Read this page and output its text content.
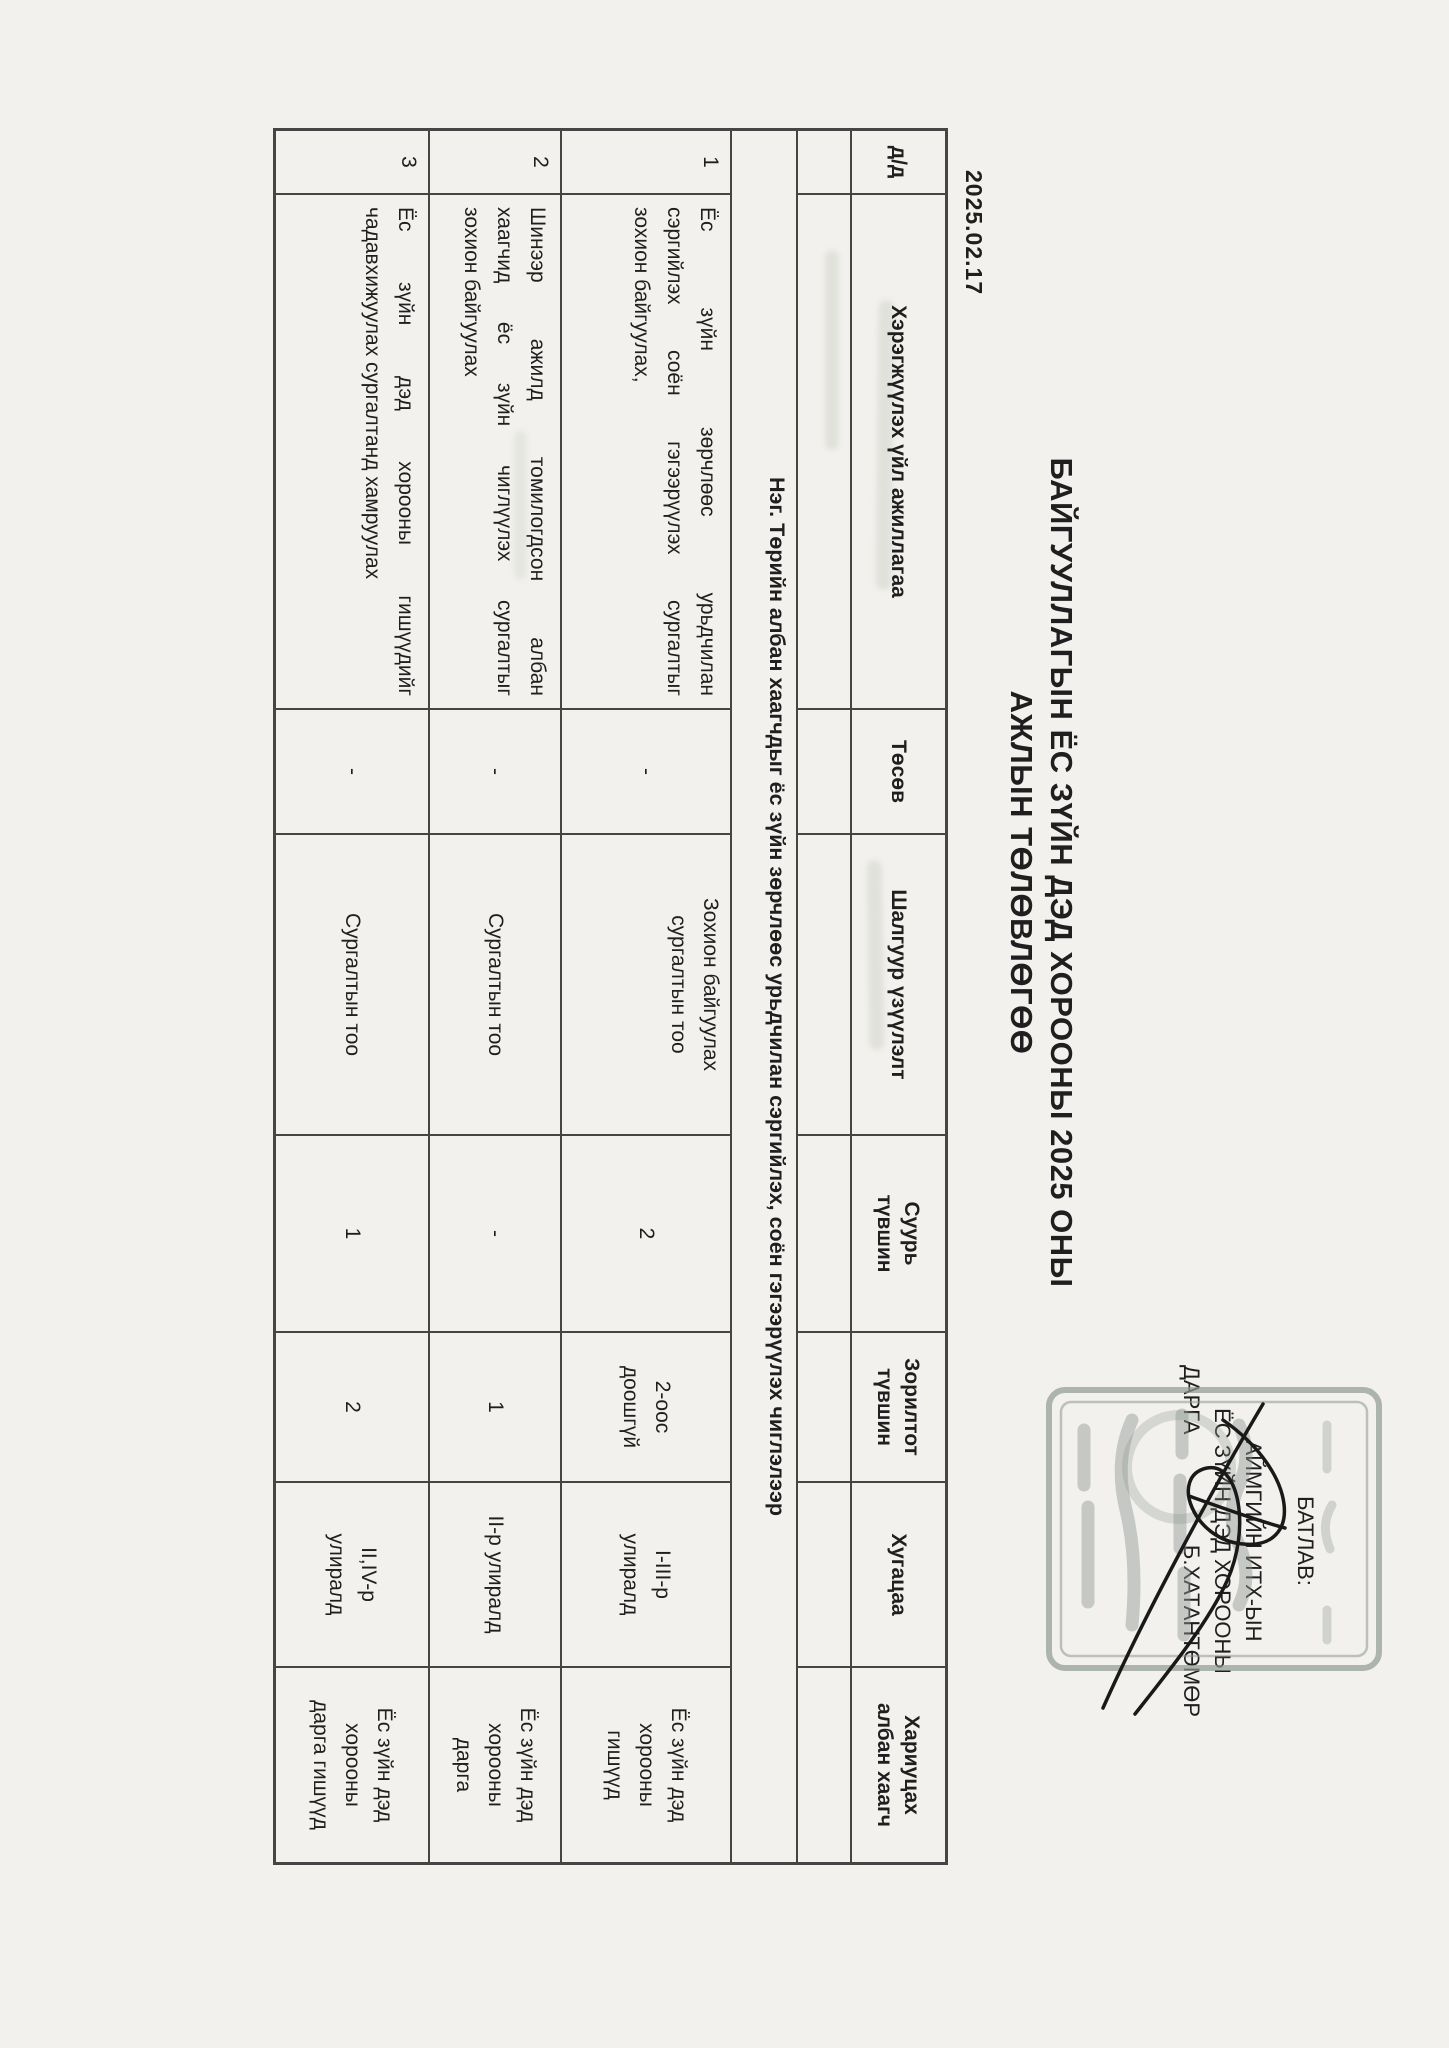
БАТЛАВ:
АЙМГИЙН ИТХ-ЫН
ЁС ЗҮЙН ДЭД ХОРООНЫ
ДАРГА
Б.ХАТАНТӨМӨР
БАЙГУУЛЛАГЫН ЁС ЗҮЙН ДЭД ХОРООНЫ 2025 ОНЫ
АЖЛЫН ТӨЛӨВЛӨГӨӨ
2025.02.17
д/д
Хэрэгжүүлэх үйл ажиллагаа
Төсөв
Шалгуур үзүүлэлт
Суурь
түвшин
Зорилтот
түвшин
Хугацаа
Хариуцах
албан хаагч
Нэг. Төрийн албан хаагчдыг ёс зүйн зөрчлөөс урьдчилан сэргийлэх, соён гэгээрүүлэх чиглэлээр
1
Ёс зүйн зөрчлөөс урьдчилан
сэргийлэх соён гэгээрүүлэх сургалтыг
зохион байгуулах,
-
Зохион байгуулах
сургалтын тоо
2
2-оос
доошгүй
I-III-р
улиралд
Ёс зүйн дэд
хорооны
гишүүд
2
Шинээр ажилд томилогдсон албан
хаагчид ёс зүйн чиглүүлэх сургалтыг
зохион байгуулах
-
Сургалтын тоо
-
1
II-р улиралд
Ёс зүйн дэд
хорооны
дарга
3
Ёс зүйн дэд хорооны гишүүдийг
чадавхижуулах сургалтанд хамруулах
-
Сургалтын тоо
1
2
II,IV-р
улиралд
Ёс зүйн дэд
хорооны
дарга гишүүд
